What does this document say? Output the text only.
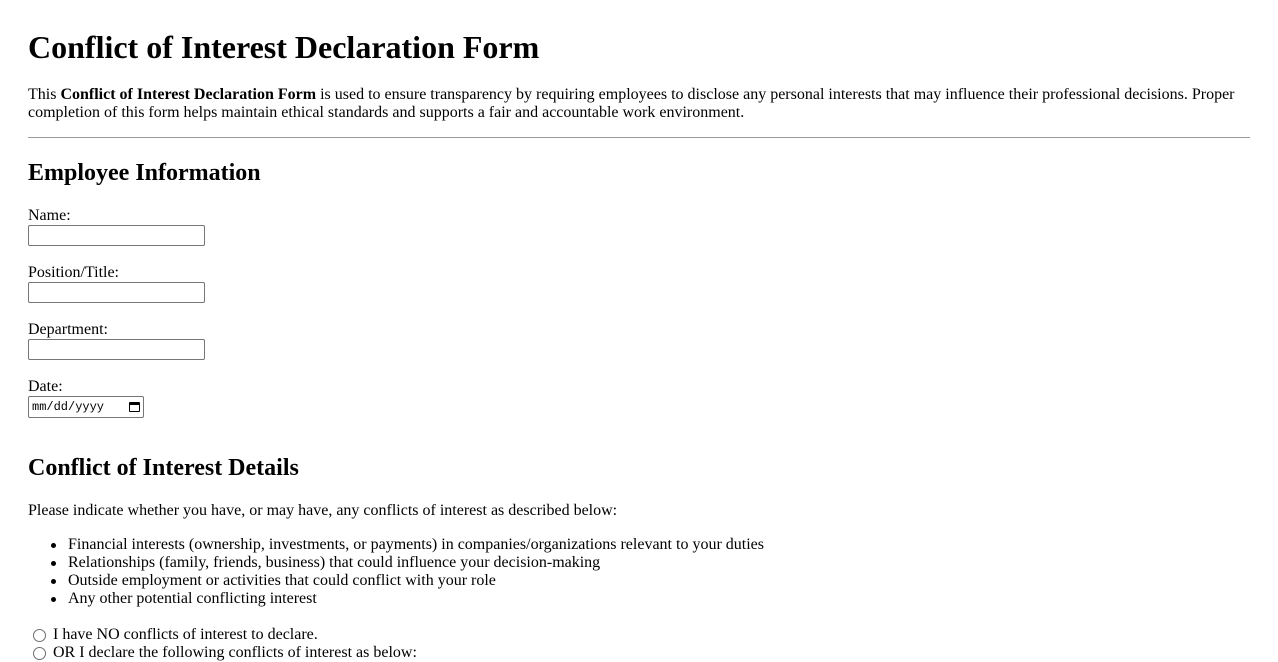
Conflict of Interest Declaration Form

This Conflict of Interest Declaration Form is used to ensure transparency by requiring employees to disclose any personal interests that may influence their professional decisions. Proper completion of this form helps maintain ethical standards and supports a fair and accountable work environment.

Employee Information
Name:
Position/Title:
Department:
Date:
mm/dd/yyyy
Conflict of Interest Details

Please indicate whether you have, or may have, any conflicts of interest as described below:

Financial interests (ownership, investments, or payments) in companies/organizations relevant to your duties
Relationships (family, friends, business) that could influence your decision-making
Outside employment or activities that could conflict with your role
Any other potential conflicting interest
I have NO conflicts of interest to declare.
OR I declare the following conflicts of interest as below:
